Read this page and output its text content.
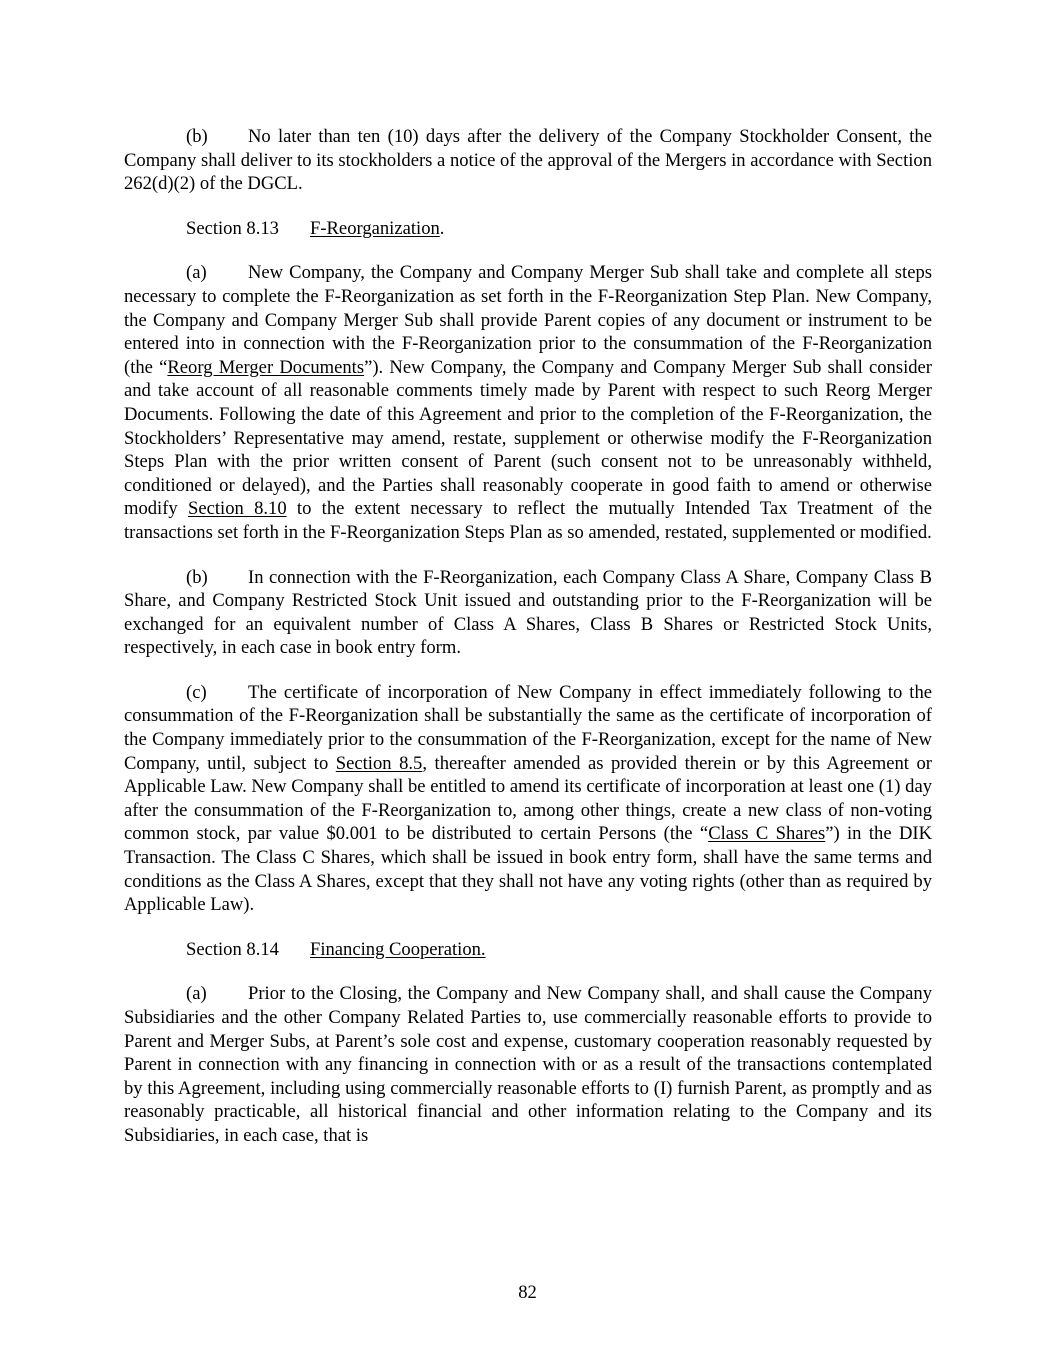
(b) No later than ten (10) days after the delivery of the Company Stockholder Consent, the Company shall deliver to its stockholders a notice of the approval of the Mergers in accordance with Section 262(d)(2) of the DGCL.

Section 8.13 F-Reorganization.

(a) New Company, the Company and Company Merger Sub shall take and complete all steps necessary to complete the F-Reorganization as set forth in the F-Reorganization Step Plan. New Company, the Company and Company Merger Sub shall provide Parent copies of any document or instrument to be entered into in connection with the F-Reorganization prior to the consummation of the F-Reorganization (the “Reorg Merger Documents”). New Company, the Company and Company Merger Sub shall consider and take account of all reasonable comments timely made by Parent with respect to such Reorg Merger Documents. Following the date of this Agreement and prior to the completion of the F-Reorganization, the Stockholders’ Representative may amend, restate, supplement or otherwise modify the F-Reorganization Steps Plan with the prior written consent of Parent (such consent not to be unreasonably withheld, conditioned or delayed), and the Parties shall reasonably cooperate in good faith to amend or otherwise modify Section 8.10 to the extent necessary to reflect the mutually Intended Tax Treatment of the transactions set forth in the F-Reorganization Steps Plan as so amended, restated, supplemented or modified.

(b) In connection with the F-Reorganization, each Company Class A Share, Company Class B Share, and Company Restricted Stock Unit issued and outstanding prior to the F-Reorganization will be exchanged for an equivalent number of Class A Shares, Class B Shares or Restricted Stock Units, respectively, in each case in book entry form.

(c) The certificate of incorporation of New Company in effect immediately following to the consummation of the F-Reorganization shall be substantially the same as the certificate of incorporation of the Company immediately prior to the consummation of the F-Reorganization, except for the name of New Company, until, subject to Section 8.5, thereafter amended as provided therein or by this Agreement or Applicable Law. New Company shall be entitled to amend its certificate of incorporation at least one (1) day after the consummation of the F-Reorganization to, among other things, create a new class of non-voting common stock, par value $0.001 to be distributed to certain Persons (the “Class C Shares”) in the DIK Transaction. The Class C Shares, which shall be issued in book entry form, shall have the same terms and conditions as the Class A Shares, except that they shall not have any voting rights (other than as required by Applicable Law).

Section 8.14 Financing Cooperation.

(a) Prior to the Closing, the Company and New Company shall, and shall cause the Company Subsidiaries and the other Company Related Parties to, use commercially reasonable efforts to provide to Parent and Merger Subs, at Parent’s sole cost and expense, customary cooperation reasonably requested by Parent in connection with any financing in connection with or as a result of the transactions contemplated by this Agreement, including using commercially reasonable efforts to (I) furnish Parent, as promptly and as reasonably practicable, all historical financial and other information relating to the Company and its Subsidiaries, in each case, that is

82
